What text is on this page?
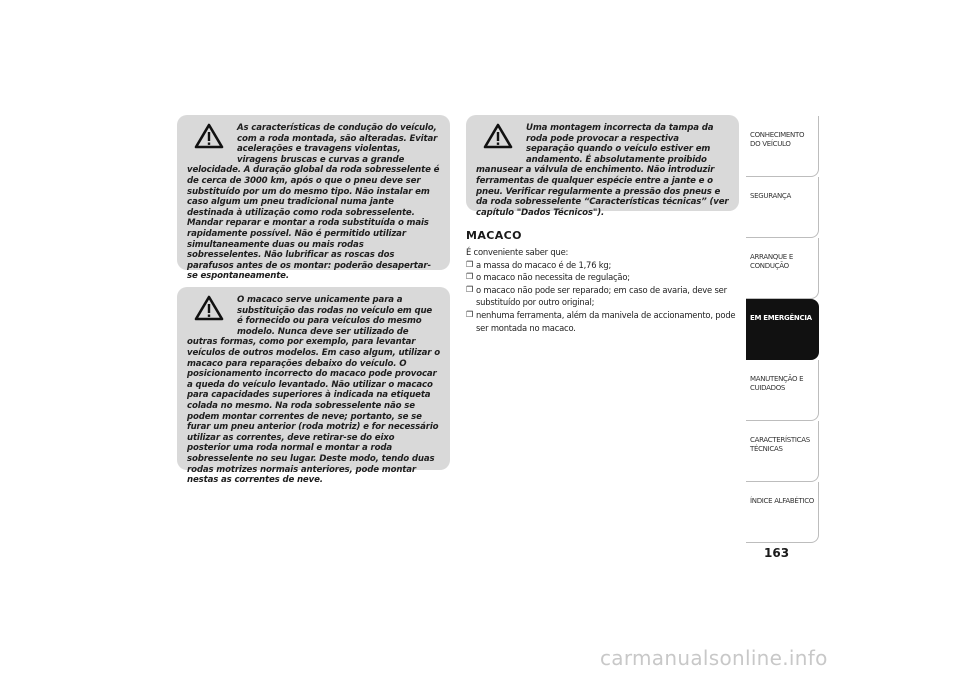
As características de condução do veículo, com a roda montada, são alteradas. Evitar acelerações e travagens violentas, viragens bruscas e curvas a grande velocidade. A duração global da roda sobresselente é de cerca de 3000 km, após o que o pneu deve ser substituído por um do mesmo tipo. Não instalar em caso algum um pneu tradicional numa jante destinada à utilização como roda sobresselente. Mandar reparar e montar a roda substituída o mais rapidamente possível. Não é permitido utilizar simultaneamente duas ou mais rodas sobresselentes. Não lubrificar as roscas dos parafusos antes de os montar: poderão desapertar-se espontaneamente.

O macaco serve unicamente para a substituição das rodas no veículo em que é fornecido ou para veículos do mesmo modelo. Nunca deve ser utilizado de outras formas, como por exemplo, para levantar veículos de outros modelos. Em caso algum, utilizar o macaco para reparações debaixo do veículo. O posicionamento incorrecto do macaco pode provocar a queda do veículo levantado. Não utilizar o macaco para capacidades superiores à indicada na etiqueta colada no mesmo. Na roda sobresselente não se podem montar correntes de neve; portanto, se se furar um pneu anterior (roda motriz) e for necessário utilizar as correntes, deve retirar-se do eixo posterior uma roda normal e montar a roda sobresselente no seu lugar. Deste modo, tendo duas rodas motrizes normais anteriores, pode montar nestas as correntes de neve.

Uma montagem incorrecta da tampa da roda pode provocar a respectiva separação quando o veículo estiver em andamento. É absolutamente proibido manusear a válvula de enchimento. Não introduzir ferramentas de qualquer espécie entre a jante e o pneu. Verificar regularmente a pressão dos pneus e da roda sobresselente “Características técnicas” (ver capítulo "Dados Técnicos").

MACACO

É conveniente saber que:

❒ a massa do macaco é de 1,76 kg;
❒ o macaco não necessita de regulação;
❒ o macaco não pode ser reparado; em caso de avaria, deve ser substituído por outro original;
❒ nenhuma ferramenta, além da manivela de accionamento, pode ser montada no macaco.
CONHECIMENTO DO VEÍCULO
SEGURANÇA
ARRANQUE E CONDUÇÃO
EM EMERGÊNCIA
MANUTENÇÃO E CUIDADOS
CARACTERÍSTICAS TÉCNICAS
ÍNDICE ALFABÉTICO
163
carmanualsonline.info
